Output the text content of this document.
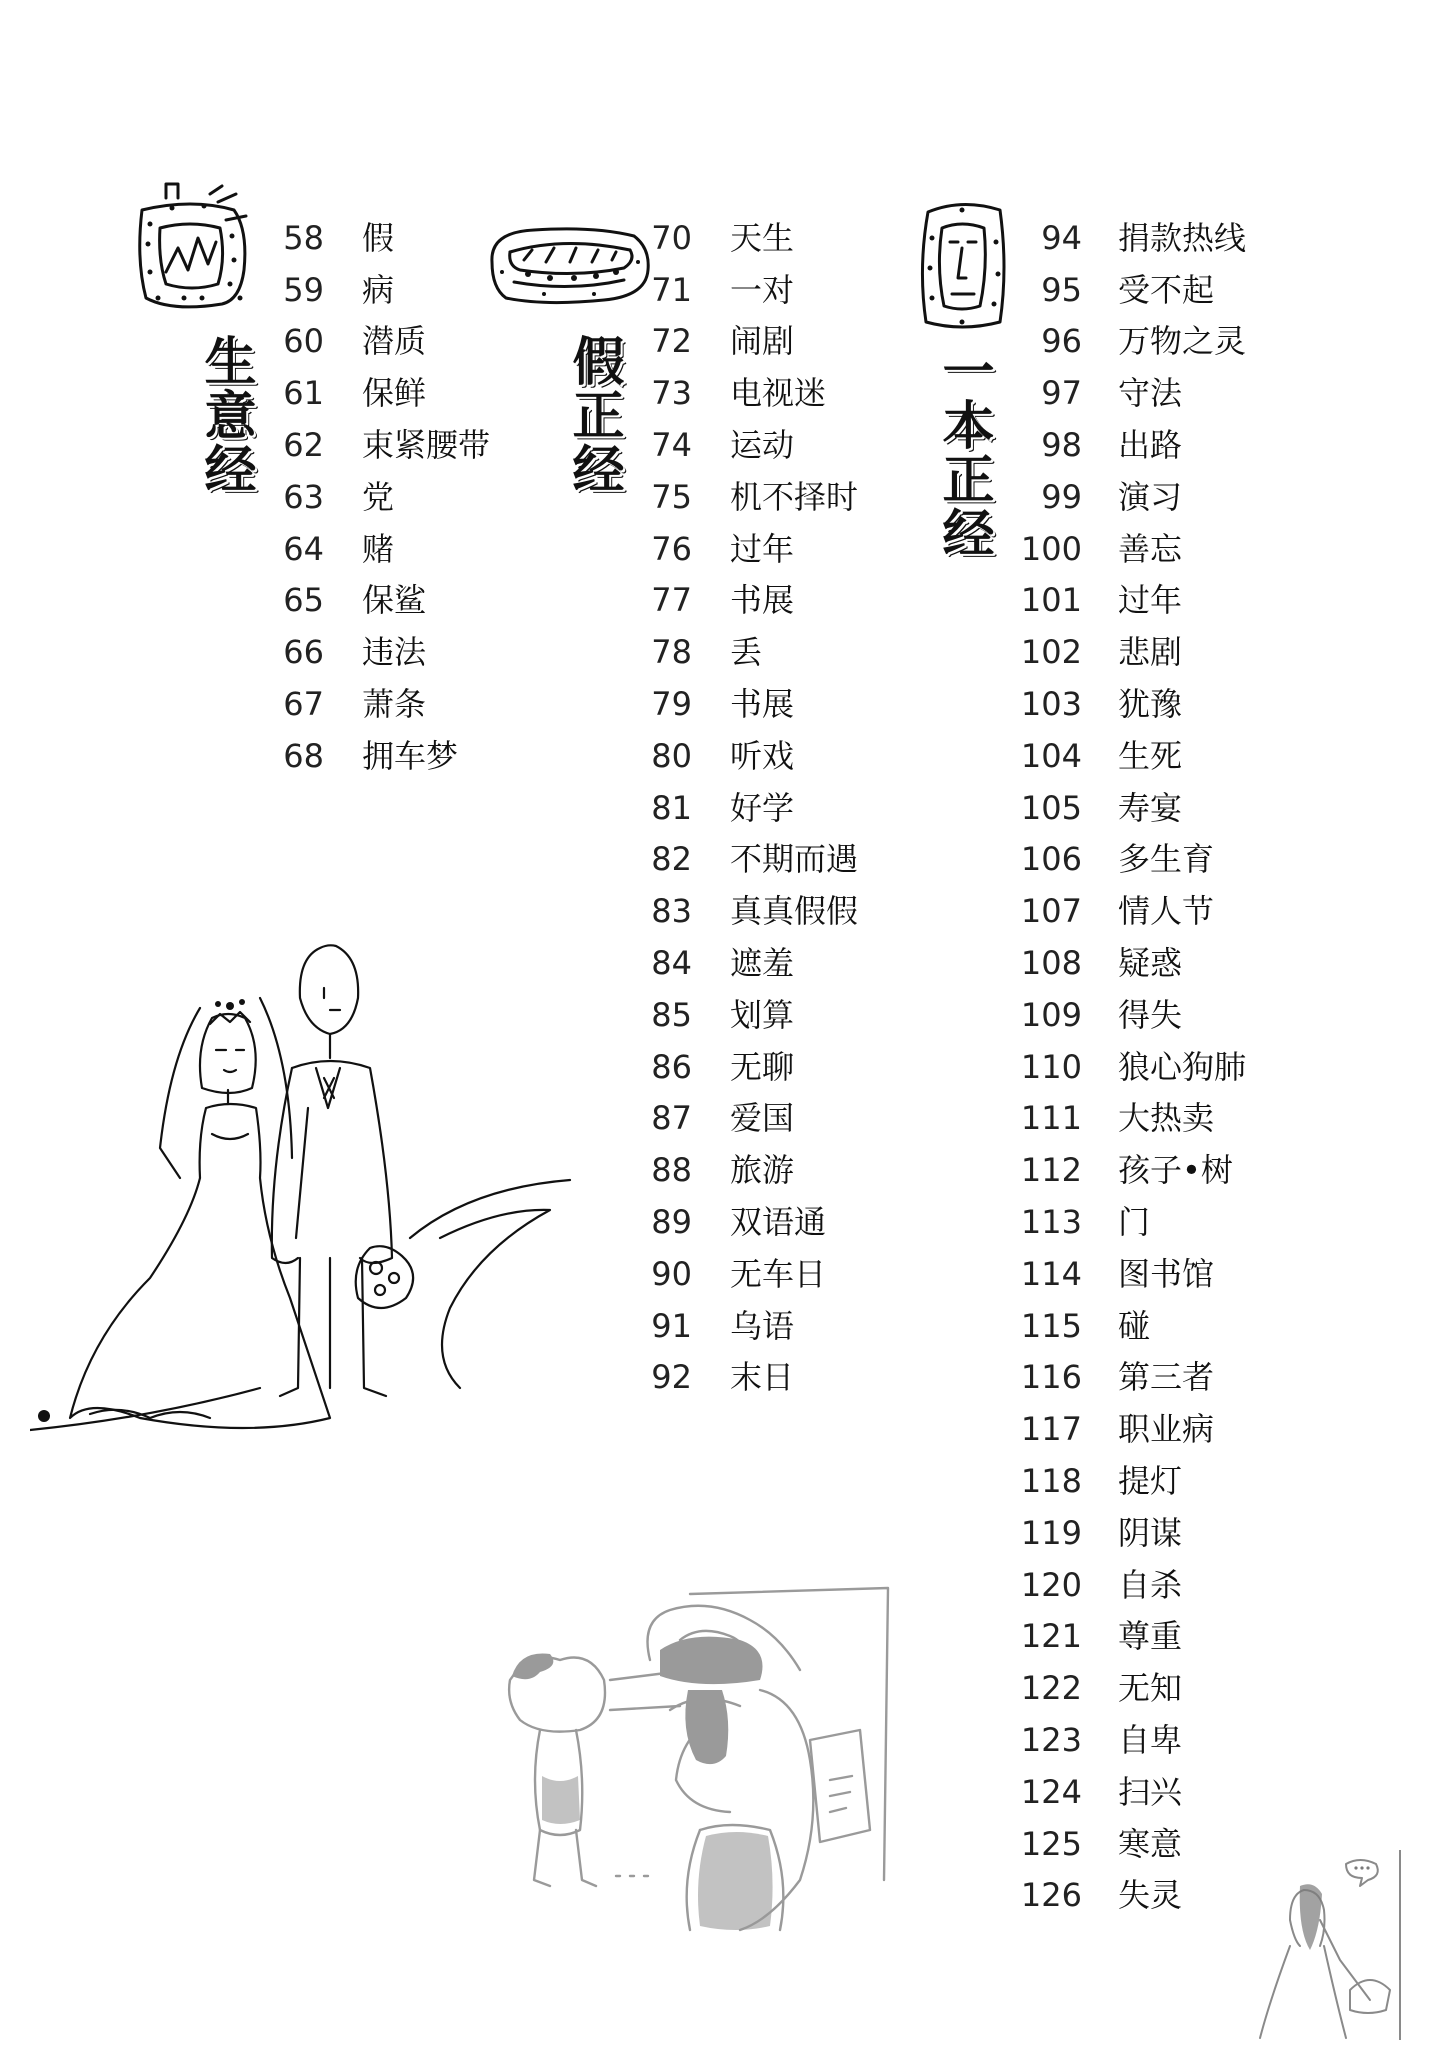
生意经	假正经	一本正经
58 假
59 病
60 潜质
61 保鲜
62 束紧腰带
63 党
64 赌
65 保鲨
66 违法
67 萧条
68 拥车梦
70 天生
71 一对
72 闹剧
73 电视迷
74 运动
75 机不择时
76 过年
77 书展
78 丢
79 书展
80 听戏
81 好学
82 不期而遇
83 真真假假
84 遮羞
85 划算
86 无聊
87 爱国
88 旅游
89 双语通
90 无车日
91 乌语
92 末日
94 捐款热线
95 受不起
96 万物之灵
97 守法
98 出路
99 演习
100 善忘
101 过年
102 悲剧
103 犹豫
104 生死
105 寿宴
106 多生育
107 情人节
108 疑惑
109 得失
110 狼心狗肺
111 大热卖
112 孩子•树
113 门
114 图书馆
115 碰
116 第三者
117 职业病
118 提灯
119 阴谋
120 自杀
121 尊重
122 无知
123 自卑
124 扫兴
125 寒意
126 失灵
